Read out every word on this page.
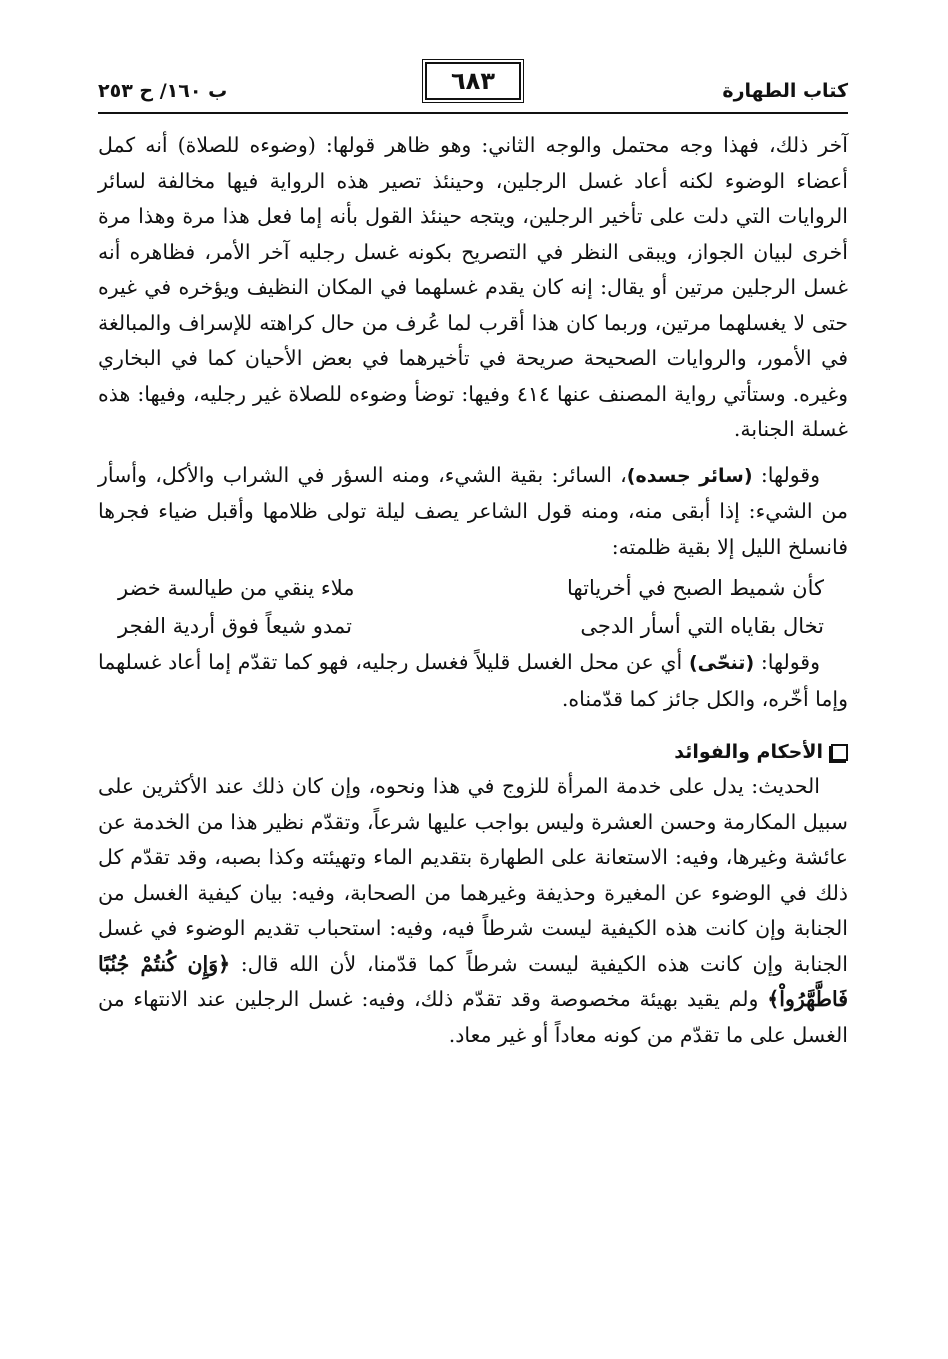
كتاب الطهارة
٦٨٣
ب ١٦٠/ ح ٢٥٣

آخر ذلك، فهذا وجه محتمل والوجه الثاني: وهو ظاهر قولها: (وضوءه للصلاة) أنه كمل أعضاء الوضوء لكنه أعاد غسل الرجلين، وحينئذ تصير هذه الرواية فيها مخالفة لسائر الروايات التي دلت على تأخير الرجلين، ويتجه حينئذ القول بأنه إما فعل هذا مرة وهذا مرة أخرى لبيان الجواز، ويبقى النظر في التصريح بكونه غسل رجليه آخر الأمر، فظاهره أنه غسل الرجلين مرتين أو يقال: إنه كان يقدم غسلهما في المكان النظيف ويؤخره في غيره حتى لا يغسلهما مرتين، وربما كان هذا أقرب لما عُرف من حال كراهته للإسراف والمبالغة في الأمور، والروايات الصحيحة صريحة في تأخيرهما في بعض الأحيان كما في البخاري وغيره. وستأتي رواية المصنف عنها ٤١٤ وفيها: توضأ وضوءه للصلاة غير رجليه، وفيها: هذه غسلة الجنابة.

وقولها: (سائر جسده)، السائر: بقية الشيء، ومنه السؤر في الشراب والأكل، وأسأر من الشيء: إذا أبقى منه، ومنه قول الشاعر يصف ليلة تولى ظلامها وأقبل ضياء فجرها فانسلخ الليل إلا بقية ظلمته:

كأن شميط الصبح في أخرياتها
ملاء ينقي من طيالسة خضر
تخال بقاياه التي أسأر الدجى
تمدو شيعاً فوق أردية الفجر

وقولها: (تنحّى) أي عن محل الغسل قليلاً فغسل رجليه، فهو كما تقدّم إما أعاد غسلهما وإما أخّره، والكل جائز كما قدّمناه.

الأحكام والفوائد

الحديث: يدل على خدمة المرأة للزوج في هذا ونحوه، وإن كان ذلك عند الأكثرين على سبيل المكارمة وحسن العشرة وليس بواجب عليها شرعاً، وتقدّم نظير هذا من الخدمة عن عائشة وغيرها، وفيه: الاستعانة على الطهارة بتقديم الماء وتهيئته وكذا بصبه، وقد تقدّم كل ذلك في الوضوء عن المغيرة وحذيفة وغيرهما من الصحابة، وفيه: بيان كيفية الغسل من الجنابة وإن كانت هذه الكيفية ليست شرطاً فيه، وفيه: استحباب تقديم الوضوء في غسل الجنابة وإن كانت هذه الكيفية ليست شرطاً كما قدّمنا، لأن الله قال: ﴿وَإِن كُنتُمْ جُنُبًا فَاطَّهَّرُواْ﴾ ولم يقيد بهيئة مخصوصة وقد تقدّم ذلك، وفيه: غسل الرجلين عند الانتهاء من الغسل على ما تقدّم من كونه معاداً أو غير معاد.
